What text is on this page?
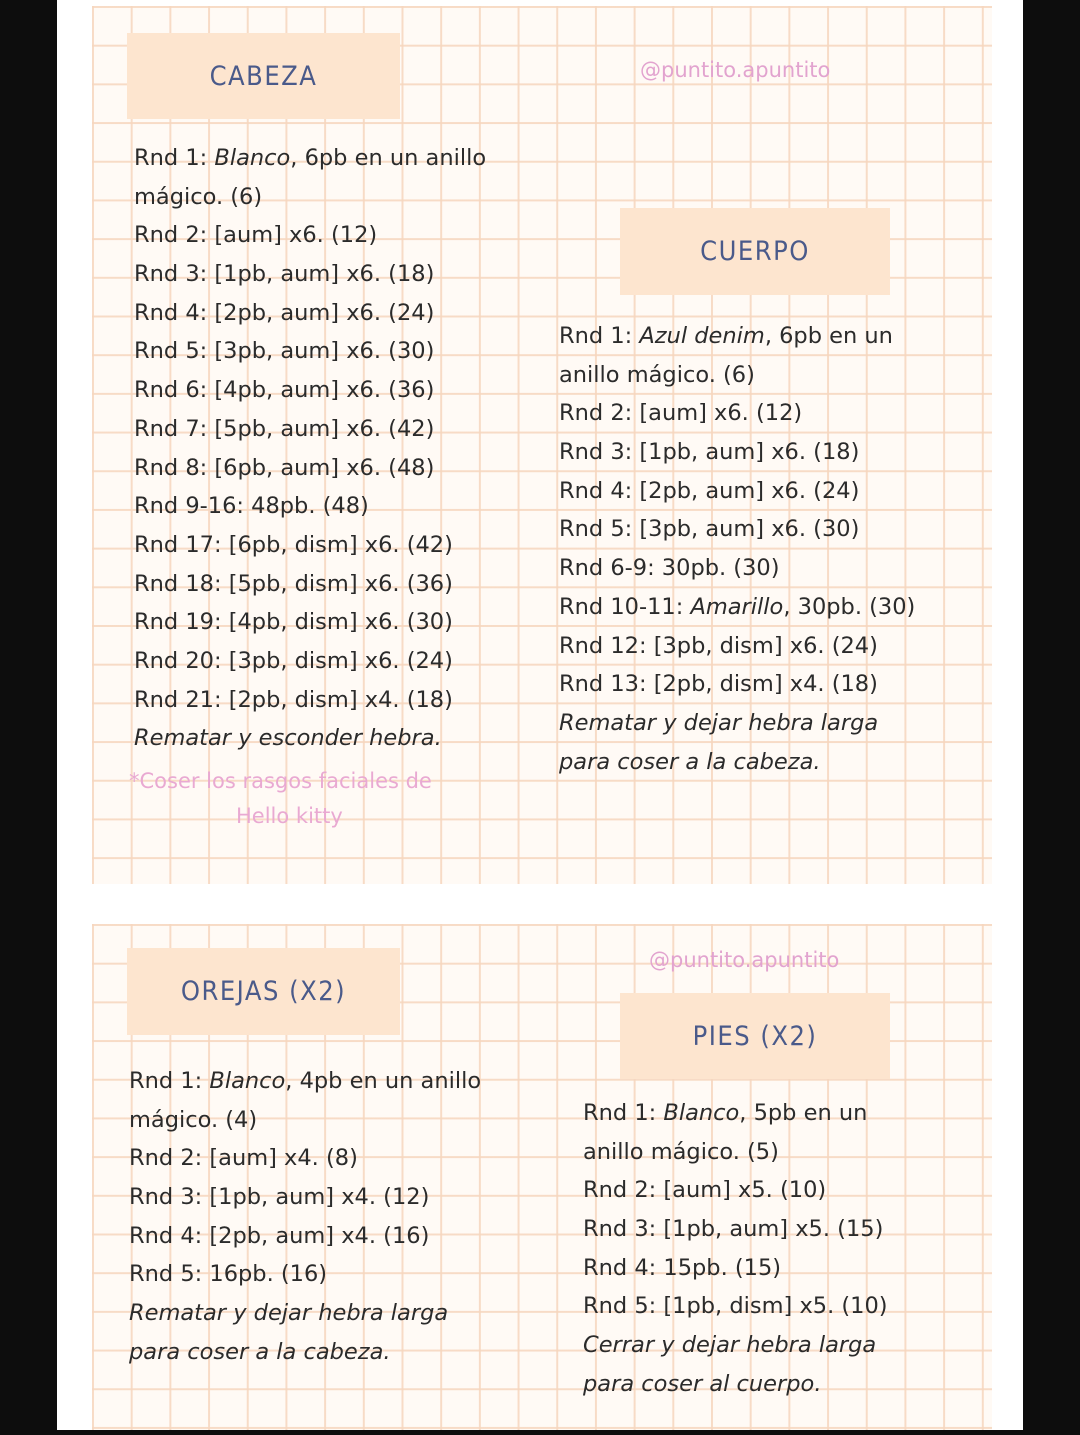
CABEZA	@puntito.apuntito
Rnd 1: Blanco, 6pb en un anillo
mágico. (6)
Rnd 2: [aum] x6. (12)
Rnd 3: [1pb, aum] x6. (18)
Rnd 4: [2pb, aum] x6. (24)
Rnd 5: [3pb, aum] x6. (30)
Rnd 6: [4pb, aum] x6. (36)
Rnd 7: [5pb, aum] x6. (42)
Rnd 8: [6pb, aum] x6. (48)
Rnd 9-16: 48pb. (48)
Rnd 17: [6pb, dism] x6. (42)
Rnd 18: [5pb, dism] x6. (36)
Rnd 19: [4pb, dism] x6. (30)
Rnd 20: [3pb, dism] x6. (24)
Rnd 21: [2pb, dism] x4. (18)
Rematar y esconder hebra.
*Coser los rasgos faciales de
Hello kitty
CUERPO
Rnd 1: Azul denim, 6pb en un
anillo mágico. (6)
Rnd 2: [aum] x6. (12)
Rnd 3: [1pb, aum] x6. (18)
Rnd 4: [2pb, aum] x6. (24)
Rnd 5: [3pb, aum] x6. (30)
Rnd 6-9: 30pb. (30)
Rnd 10-11: Amarillo, 30pb. (30)
Rnd 12: [3pb, dism] x6. (24)
Rnd 13: [2pb, dism] x4. (18)
Rematar y dejar hebra larga
para coser a la cabeza.
OREJAS (X2)
@puntito.apuntito
Rnd 1: Blanco, 4pb en un anillo
mágico. (4)
Rnd 2: [aum] x4. (8)
Rnd 3: [1pb, aum] x4. (12)
Rnd 4: [2pb, aum] x4. (16)
Rnd 5: 16pb. (16)
Rematar y dejar hebra larga
para coser a la cabeza.
PIES (X2)
Rnd 1: Blanco, 5pb en un
anillo mágico. (5)
Rnd 2: [aum] x5. (10)
Rnd 3: [1pb, aum] x5. (15)
Rnd 4: 15pb. (15)
Rnd 5: [1pb, dism] x5. (10)
Cerrar y dejar hebra larga
para coser al cuerpo.
